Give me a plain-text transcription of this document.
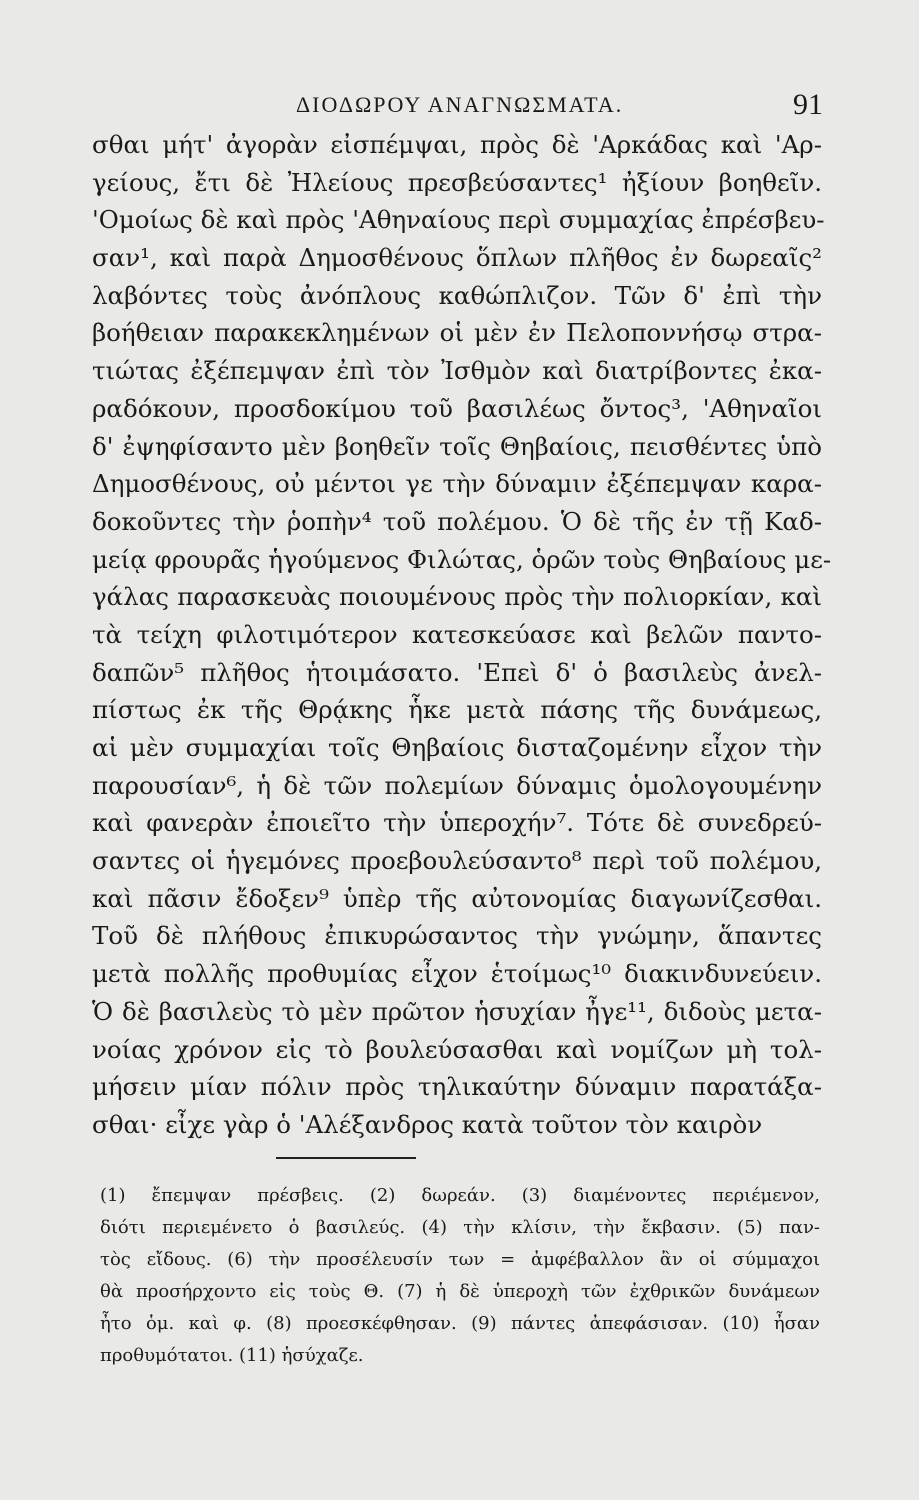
ΔΙΟΔΩΡΟΥ ΑΝΑΓΝΩΣΜΑΤΑ.	91
σθαι μήτ' ἀγορὰν εἰσπέμψαι, πρὸς δὲ 'Αρκάδας καὶ 'Αρ-
γείους, ἔτι δὲ Ἠλείους πρεσβεύσαντες¹ ἠξίουν βοηθεῖν.
'Ομοίως δὲ καὶ πρὸς 'Αθηναίους περὶ συμμαχίας ἐπρέσβευ-
σαν¹, καὶ παρὰ Δημοσθένους ὅπλων πλῆθος ἐν δωρεαῖς²
λαβόντες τοὺς ἀνόπλους καθώπλιζον. Τῶν δ' ἐπὶ τὴν
βοήθειαν παρακεκλημένων οἱ μὲν ἐν Πελοποννήσῳ στρα-
τιώτας ἐξέπεμψαν ἐπὶ τὸν Ἰσθμὸν καὶ διατρίβοντες ἐκα-
ραδόκουν, προσδοκίμου τοῦ βασιλέως ὄντος³, 'Αθηναῖοι
δ' ἐψηφίσαντο μὲν βοηθεῖν τοῖς Θηβαίοις, πεισθέντες ὑπὸ
Δημοσθένους, οὐ μέντοι γε τὴν δύναμιν ἐξέπεμψαν καρα-
δοκοῦντες τὴν ῥοπὴν⁴ τοῦ πολέμου. Ὁ δὲ τῆς ἐν τῇ Καδ-
μείᾳ φρουρᾶς ἡγούμενος Φιλώτας, ὁρῶν τοὺς Θηβαίους με-
γάλας παρασκευὰς ποιουμένους πρὸς τὴν πολιορκίαν, καὶ
τὰ τείχη φιλοτιμότερον κατεσκεύασε καὶ βελῶν παντο-
δαπῶν⁵ πλῆθος ἡτοιμάσατο. 'Επεὶ δ' ὁ βασιλεὺς ἀνελ-
πίστως ἐκ τῆς Θρᾴκης ἧκε μετὰ πάσης τῆς δυνάμεως,
αἱ μὲν συμμαχίαι τοῖς Θηβαίοις δισταζομένην εἶχον τὴν
παρουσίαν⁶, ἡ δὲ τῶν πολεμίων δύναμις ὁμολογουμένην
καὶ φανερὰν ἐποιεῖτο τὴν ὑπεροχήν⁷. Τότε δὲ συνεδρεύ-
σαντες οἱ ἡγεμόνες προεβουλεύσαντο⁸ περὶ τοῦ πολέμου,
καὶ πᾶσιν ἔδοξεν⁹ ὑπὲρ τῆς αὐτονομίας διαγωνίζεσθαι.
Τοῦ δὲ πλήθους ἐπικυρώσαντος τὴν γνώμην, ἅπαντες
μετὰ πολλῆς προθυμίας εἶχον ἑτοίμως¹⁰ διακινδυνεύειν.
Ὁ δὲ βασιλεὺς τὸ μὲν πρῶτον ἡσυχίαν ἦγε¹¹, διδοὺς μετα-
νοίας χρόνον εἰς τὸ βουλεύσασθαι καὶ νομίζων μὴ τολ-
μήσειν μίαν πόλιν πρὸς τηλικαύτην δύναμιν παρατάξα-
σθαι· εἶχε γὰρ ὁ 'Αλέξανδρος κατὰ τοῦτον τὸν καιρὸν
(1) ἔπεμψαν πρέσβεις. (2) δωρεάν. (3) διαμένοντες περιέμενον,
διότι περιεμένετο ὁ βασιλεύς. (4) τὴν κλίσιν, τὴν ἔκβασιν. (5) παν-
τὸς εἴδους. (6) τὴν προσέλευσίν των = ἀμφέβαλλον ἂν οἱ σύμμαχοι
θὰ προσήρχοντο εἰς τοὺς Θ. (7) ἡ δὲ ὑπεροχὴ τῶν ἐχθρικῶν δυνάμεων
ἦτο ὁμ. καὶ φ. (8) προεσκέφθησαν. (9) πάντες ἀπεφάσισαν. (10) ἦσαν
προθυμότατοι. (11) ἡσύχαζε.
